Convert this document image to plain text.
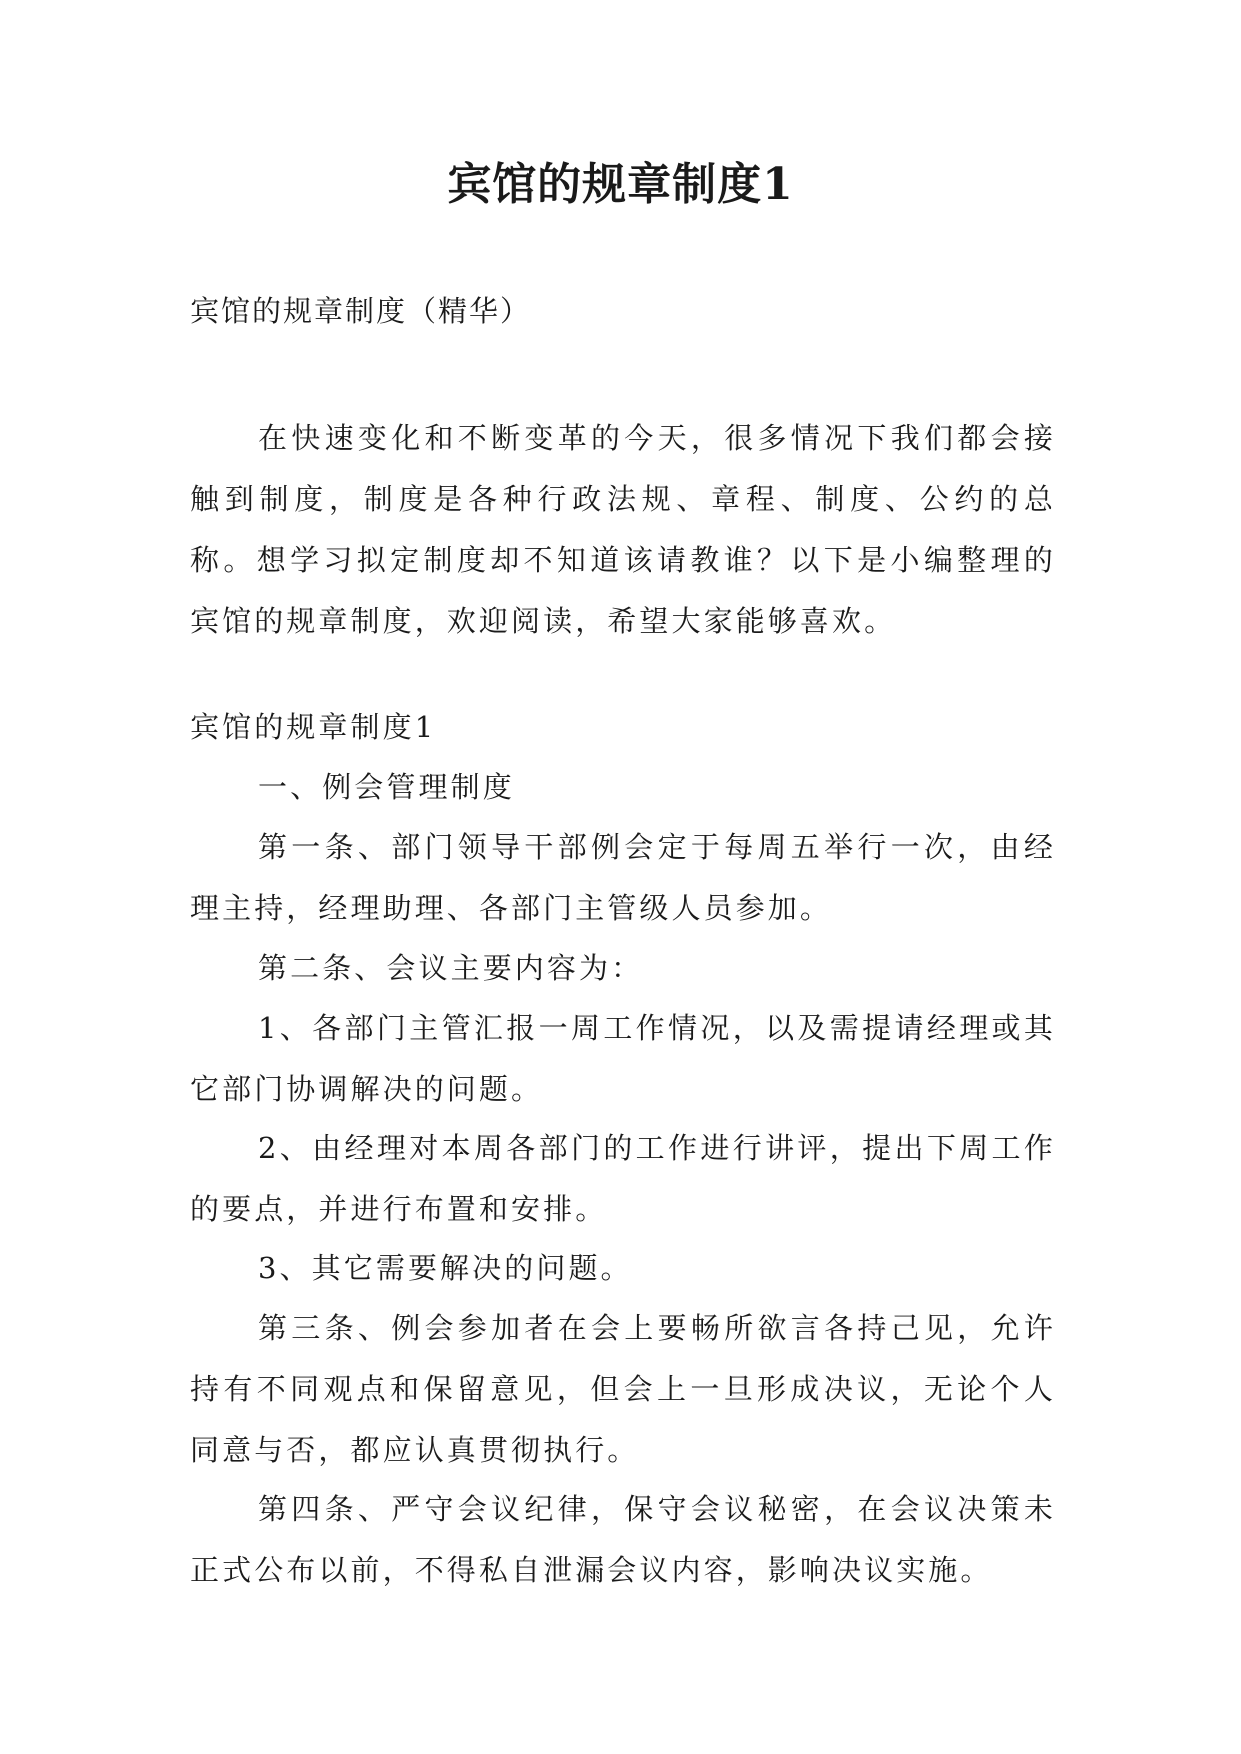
宾馆的规章制度1

宾馆的规章制度（精华）

在快速变化和不断变革的今天，很多情况下我们都会接触到制度，制度是各种行政法规、章程、制度、公约的总称。想学习拟定制度却不知道该请教谁？以下是小编整理的宾馆的规章制度，欢迎阅读，希望大家能够喜欢。

宾馆的规章制度1

一、例会管理制度

第一条、部门领导干部例会定于每周五举行一次，由经理主持，经理助理、各部门主管级人员参加。

第二条、会议主要内容为：

1、各部门主管汇报一周工作情况，以及需提请经理或其它部门协调解决的问题。

2、由经理对本周各部门的工作进行讲评，提出下周工作的要点，并进行布置和安排。

3、其它需要解决的问题。

第三条、例会参加者在会上要畅所欲言各持己见，允许持有不同观点和保留意见，但会上一旦形成决议，无论个人同意与否，都应认真贯彻执行。

第四条、严守会议纪律，保守会议秘密，在会议决策未正式公布以前，不得私自泄漏会议内容，影响决议实施。
